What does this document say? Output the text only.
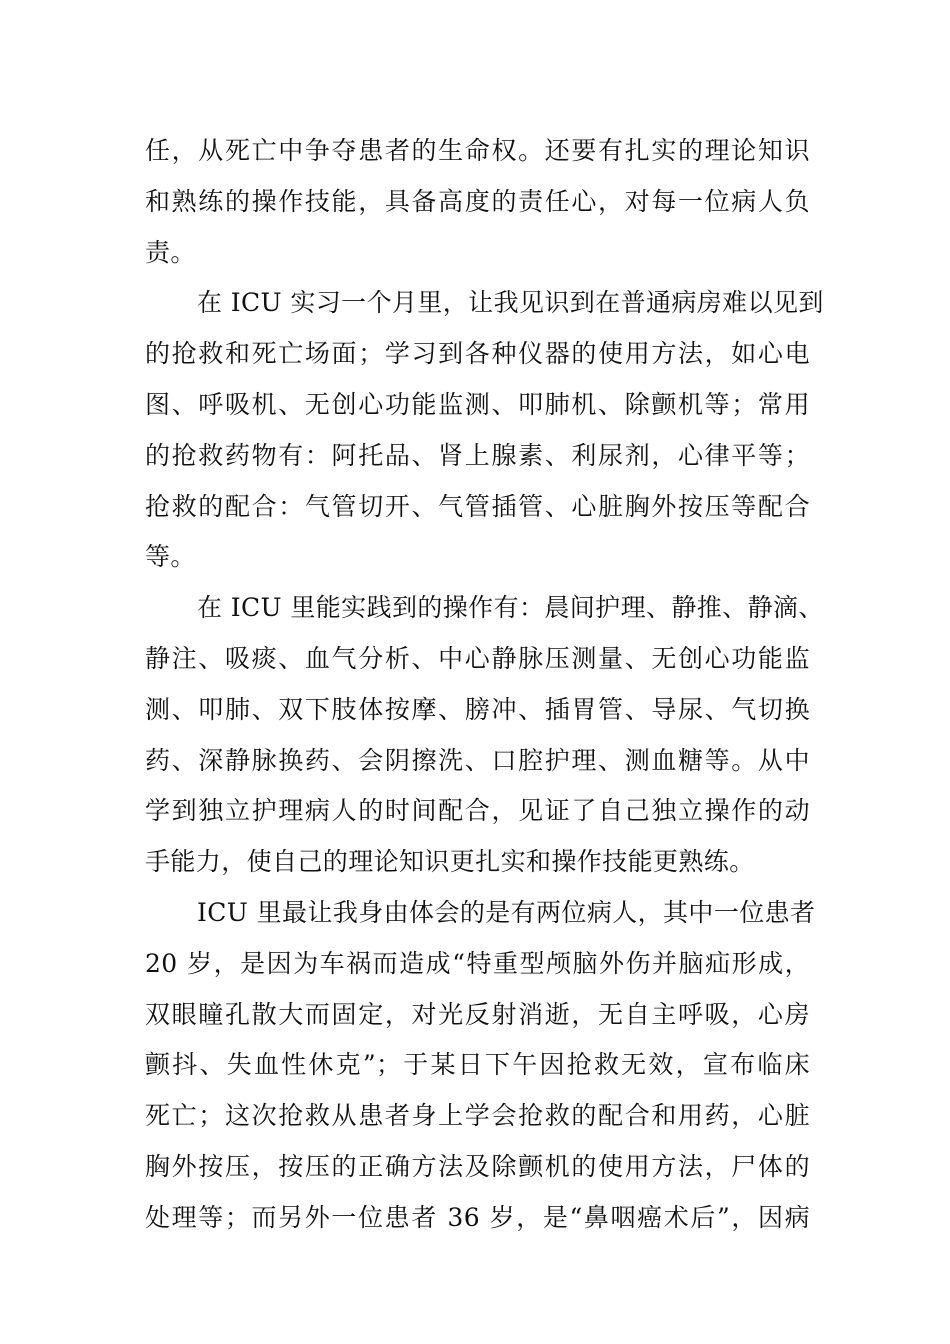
任，从死亡中争夺患者的生命权。还要有扎实的理论知识
和熟练的操作技能，具备高度的责任心，对每一位病人负
责。
在 ICU 实习一个月里，让我见识到在普通病房难以见到
的抢救和死亡场面；学习到各种仪器的使用方法，如心电
图、呼吸机、无创心功能监测、叩肺机、除颤机等；常用
的抢救药物有：阿托品、肾上腺素、利尿剂，心律平等；
抢救的配合：气管切开、气管插管、心脏胸外按压等配合
等。
在 ICU 里能实践到的操作有：晨间护理、静推、静滴、
静注、吸痰、血气分析、中心静脉压测量、无创心功能监
测、叩肺、双下肢体按摩、膀冲、插胃管、导尿、气切换
药、深静脉换药、会阴擦洗、口腔护理、测血糖等。从中
学到独立护理病人的时间配合，见证了自己独立操作的动
手能力，使自己的理论知识更扎实和操作技能更熟练。
ICU 里最让我身由体会的是有两位病人，其中一位患者
20 岁，是因为车祸而造成“特重型颅脑外伤并脑疝形成，
双眼瞳孔散大而固定，对光反射消逝，无自主呼吸，心房
颤抖、失血性休克”；于某日下午因抢救无效，宣布临床
死亡；这次抢救从患者身上学会抢救的配合和用药，心脏
胸外按压，按压的正确方法及除颤机的使用方法，尸体的
处理等；而另外一位患者 36 岁，是“鼻咽癌术后”，因病
